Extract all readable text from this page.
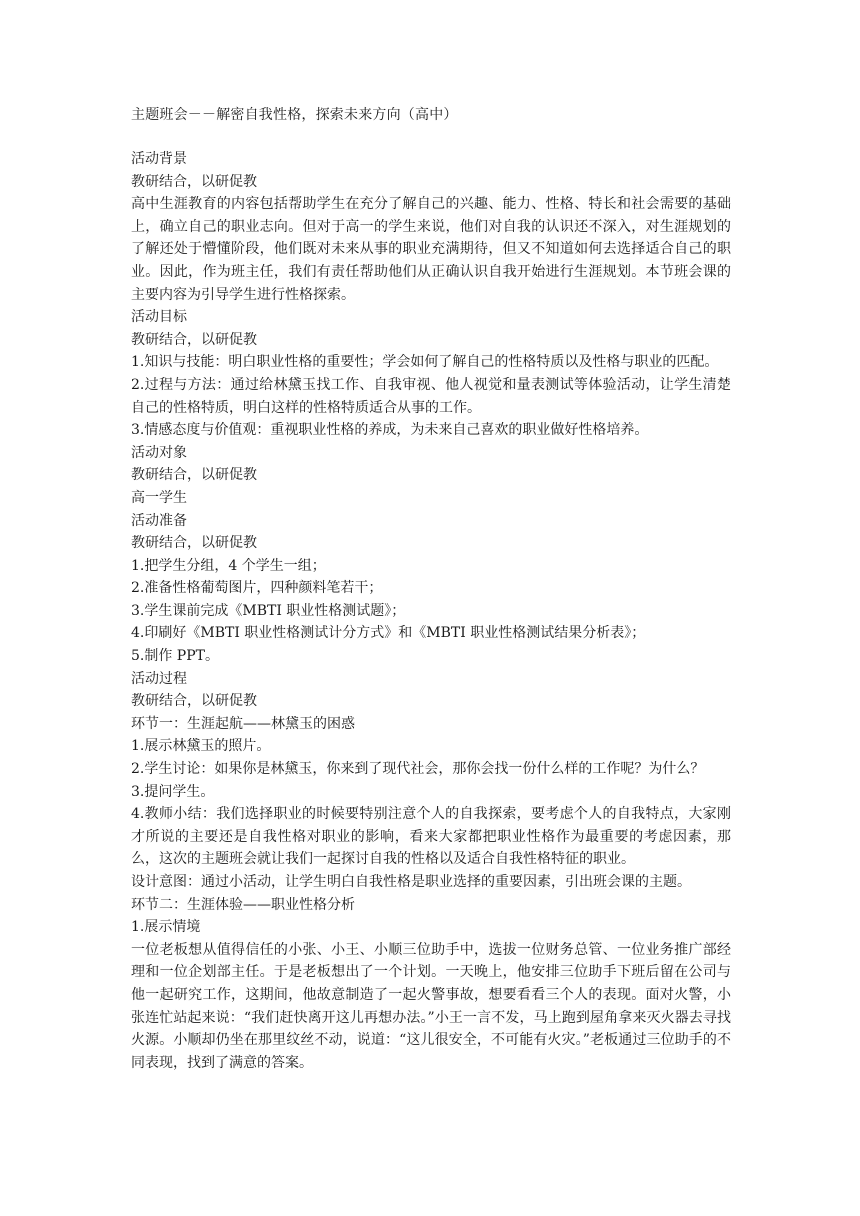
主题班会－－解密自我性格，探索未来方向（高中）

活动背景

教研结合，以研促教

高中生涯教育的内容包括帮助学生在充分了解自己的兴趣、能力、性格、特长和社会需要的基础上，确立自己的职业志向。但对于高一的学生来说，他们对自我的认识还不深入，对生涯规划的了解还处于懵懂阶段，他们既对未来从事的职业充满期待，但又不知道如何去选择适合自己的职业。因此，作为班主任，我们有责任帮助他们从正确认识自我开始进行生涯规划。本节班会课的主要内容为引导学生进行性格探索。

活动目标

教研结合，以研促教

1.知识与技能：明白职业性格的重要性；学会如何了解自己的性格特质以及性格与职业的匹配。

2.过程与方法：通过给林黛玉找工作、自我审视、他人视觉和量表测试等体验活动，让学生清楚自己的性格特质，明白这样的性格特质适合从事的工作。

3.情感态度与价值观：重视职业性格的养成，为未来自己喜欢的职业做好性格培养。

活动对象

教研结合，以研促教

高一学生

活动准备

教研结合，以研促教

1.把学生分组，4 个学生一组；

2.准备性格葡萄图片，四种颜料笔若干；

3.学生课前完成《MBTI 职业性格测试题》；

4.印刷好《MBTI 职业性格测试计分方式》和《MBTI 职业性格测试结果分析表》；

5.制作 PPT。

活动过程

教研结合，以研促教

环节一：生涯起航——林黛玉的困惑

1.展示林黛玉的照片。

2.学生讨论：如果你是林黛玉，你来到了现代社会，那你会找一份什么样的工作呢？为什么？

3.提问学生。

4.教师小结：我们选择职业的时候要特别注意个人的自我探索，要考虑个人的自我特点，大家刚才所说的主要还是自我性格对职业的影响，看来大家都把职业性格作为最重要的考虑因素，那么，这次的主题班会就让我们一起探讨自我的性格以及适合自我性格特征的职业。

设计意图：通过小活动，让学生明白自我性格是职业选择的重要因素，引出班会课的主题。

环节二：生涯体验——职业性格分析

1.展示情境

一位老板想从值得信任的小张、小王、小顺三位助手中，选拔一位财务总管、一位业务推广部经理和一位企划部主任。于是老板想出了一个计划。一天晚上，他安排三位助手下班后留在公司与他一起研究工作，这期间，他故意制造了一起火警事故，想要看看三个人的表现。面对火警，小张连忙站起来说：“我们赶快离开这儿再想办法。”小王一言不发，马上跑到屋角拿来灭火器去寻找火源。小顺却仍坐在那里纹丝不动，说道：“这儿很安全，不可能有火灾。”老板通过三位助手的不同表现，找到了满意的答案。
